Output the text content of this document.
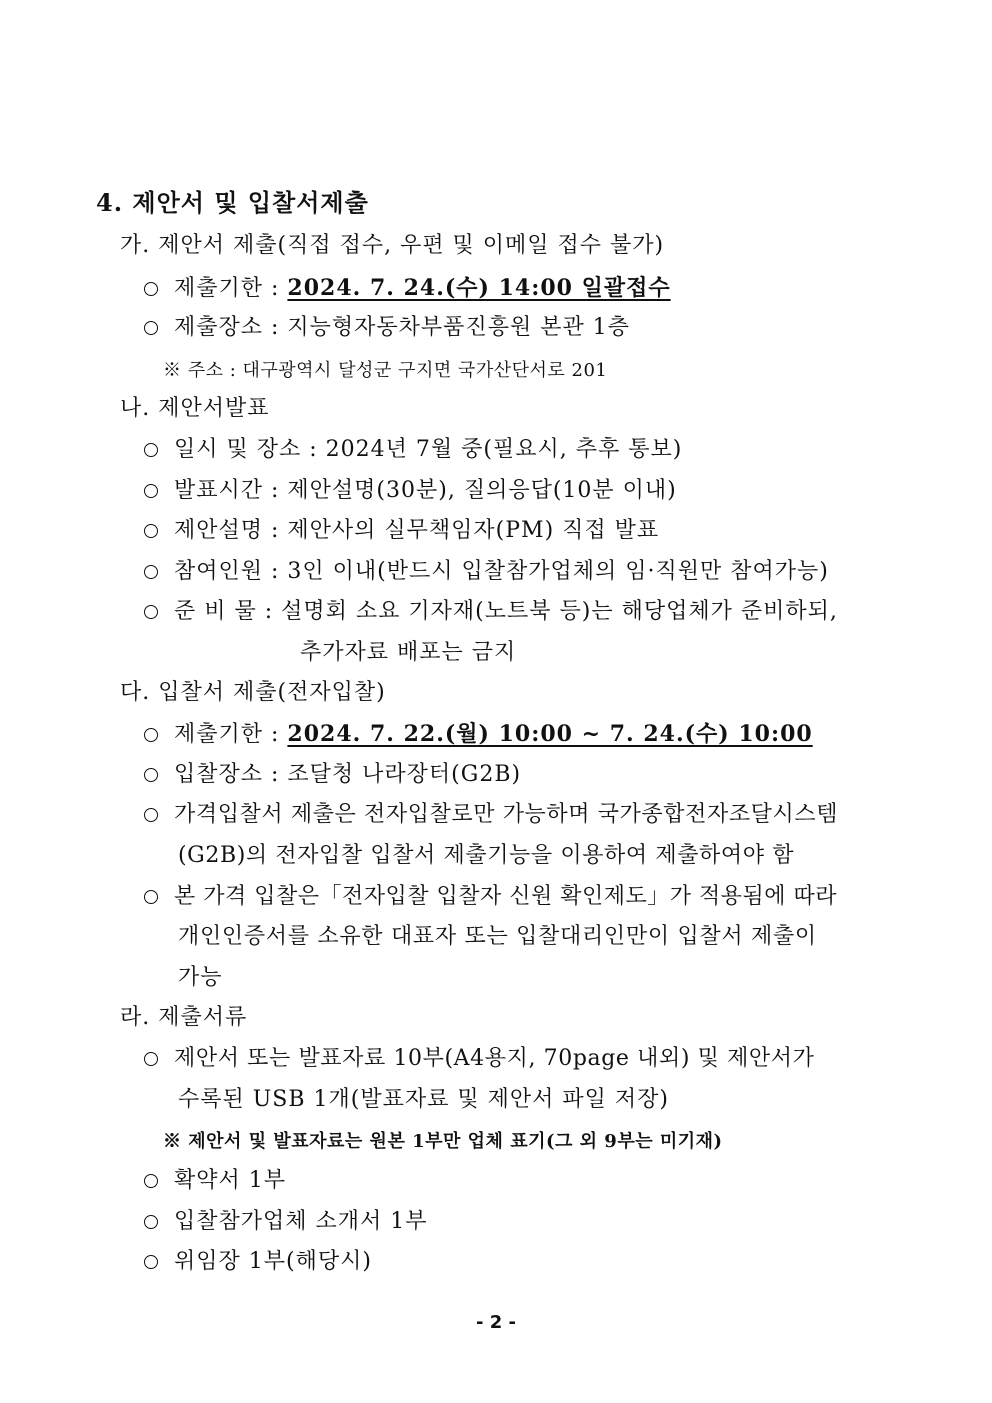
4. 제안서 및 입찰서제출
가. 제안서 제출(직접 접수, 우편 및 이메일 접수 불가)
제출기한 : 2024. 7. 24.(수) 14:00 일괄접수
제출장소 : 지능형자동차부품진흥원 본관 1층
※ 주소 : 대구광역시 달성군 구지면 국가산단서로 201
나. 제안서발표
일시 및 장소 : 2024년 7월 중(필요시, 추후 통보)
발표시간 : 제안설명(30분), 질의응답(10분 이내)
제안설명 : 제안사의 실무책임자(PM) 직접 발표
참여인원 : 3인 이내(반드시 입찰참가업체의 임·직원만 참여가능)
준 비 물 : 설명회 소요 기자재(노트북 등)는 해당업체가 준비하되,
추가자료 배포는 금지
다. 입찰서 제출(전자입찰)
제출기한 : 2024. 7. 22.(월) 10:00 ~ 7. 24.(수) 10:00
입찰장소 : 조달청 나라장터(G2B)
가격입찰서 제출은 전자입찰로만 가능하며 국가종합전자조달시스템
(G2B)의 전자입찰 입찰서 제출기능을 이용하여 제출하여야 함
본 가격 입찰은「전자입찰 입찰자 신원 확인제도」가 적용됨에 따라
개인인증서를 소유한 대표자 또는 입찰대리인만이 입찰서 제출이
가능
라. 제출서류
제안서 또는 발표자료 10부(A4용지, 70page 내외) 및 제안서가
수록된 USB 1개(발표자료 및 제안서 파일 저장)
※ 제안서 및 발표자료는 원본 1부만 업체 표기(그 외 9부는 미기재)
확약서 1부
입찰참가업체 소개서 1부
위임장 1부(해당시)
- 2 -
